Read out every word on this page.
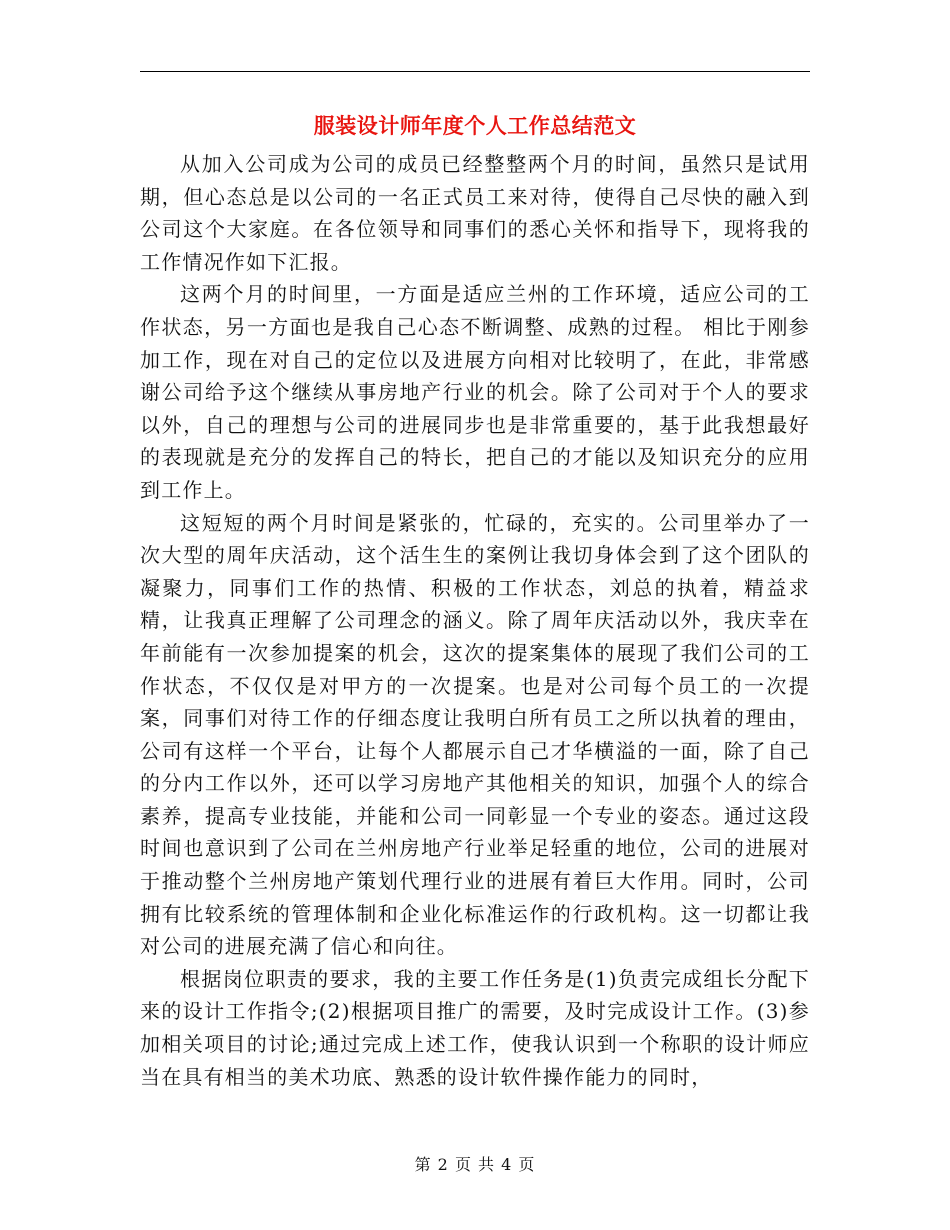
服装设计师年度个人工作总结范文

从加入公司成为公司的成员已经整整两个月的时间，虽然只是试用期，但心态总是以公司的一名正式员工来对待，使得自己尽快的融入到公司这个大家庭。在各位领导和同事们的悉心关怀和指导下，现将我的工作情况作如下汇报。

这两个月的时间里，一方面是适应兰州的工作环境，适应公司的工作状态，另一方面也是我自己心态不断调整、成熟的过程。 相比于刚参加工作，现在对自己的定位以及进展方向相对比较明了，在此，非常感谢公司给予这个继续从事房地产行业的机会。除了公司对于个人的要求以外，自己的理想与公司的进展同步也是非常重要的，基于此我想最好的表现就是充分的发挥自己的特长，把自己的才能以及知识充分的应用到工作上。

这短短的两个月时间是紧张的，忙碌的，充实的。公司里举办了一次大型的周年庆活动，这个活生生的案例让我切身体会到了这个团队的凝聚力，同事们工作的热情、积极的工作状态，刘总的执着，精益求精，让我真正理解了公司理念的涵义。除了周年庆活动以外，我庆幸在年前能有一次参加提案的机会，这次的提案集体的展现了我们公司的工作状态，不仅仅是对甲方的一次提案。也是对公司每个员工的一次提案，同事们对待工作的仔细态度让我明白所有员工之所以执着的理由，公司有这样一个平台，让每个人都展示自己才华横溢的一面，除了自己的分内工作以外，还可以学习房地产其他相关的知识，加强个人的综合素养，提高专业技能，并能和公司一同彰显一个专业的姿态。通过这段时间也意识到了公司在兰州房地产行业举足轻重的地位，公司的进展对于推动整个兰州房地产策划代理行业的进展有着巨大作用。同时，公司拥有比较系统的管理体制和企业化标准运作的行政机构。这一切都让我对公司的进展充满了信心和向往。

根据岗位职责的要求，我的主要工作任务是(1)负责完成组长分配下来的设计工作指令;(2)根据项目推广的需要，及时完成设计工作。(3)参加相关项目的讨论;通过完成上述工作，使我认识到一个称职的设计师应当在具有相当的美术功底、熟悉的设计软件操作能力的同时，

第 2 页 共 4 页
